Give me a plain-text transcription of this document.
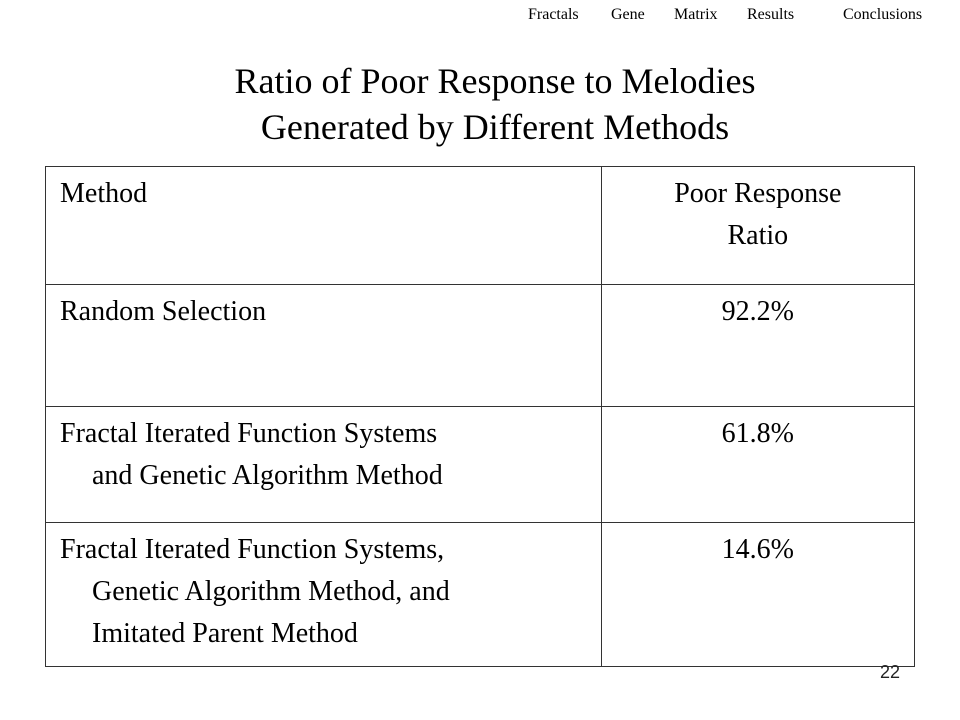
Fractals Gene Matrix Results	Conclusions
Ratio of Poor Response to Melodies
Generated by Different Methods
Method	Poor Response
Ratio

Random Selection	92.2%

Fractal Iterated Function Systems
and Genetic Algorithm Method	61.8%

Fractal Iterated Function Systems,
Genetic Algorithm Method, and
Imitated Parent Method	14.6%
22
